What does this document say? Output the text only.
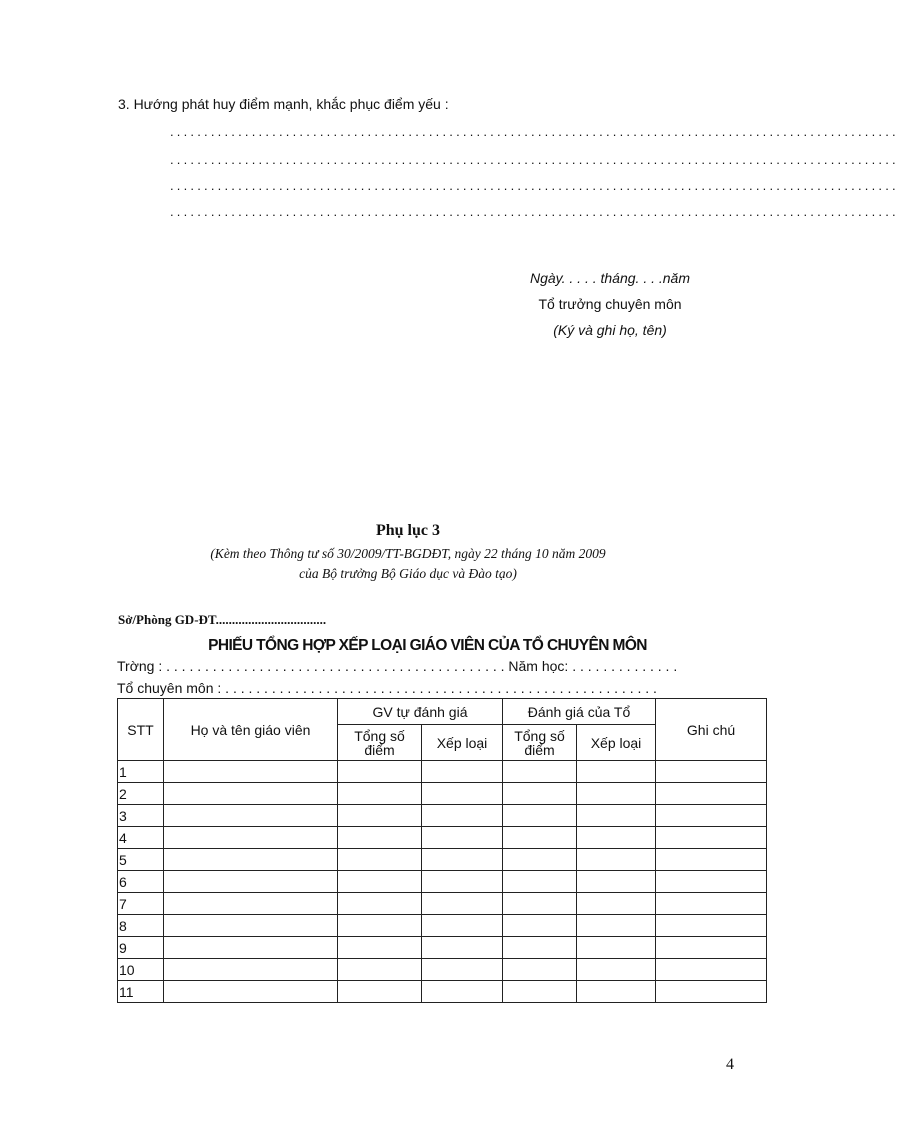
3. Hướng phát huy điểm mạnh, khắc phục điểm yếu :
...........................................................................................................
...........................................................................................................
...........................................................................................................
...........................................................................................................
Ngày. . . . . tháng. . . .năm
Tổ trưởng chuyên môn
(Ký và ghi họ, tên)
Phụ lục 3
(Kèm theo Thông tư số 30/2009/TT-BGDĐT, ngày 22 tháng 10 năm 2009
của Bộ trưởng Bộ Giáo dục và Đào tạo)
Sở/Phòng GD-ĐT..................................
PHIẾU TỔNG HỢP XẾP LOẠI GIÁO VIÊN CỦA TỔ CHUYÊN MÔN
Trờng : . . . . . . . . . . . . . . . . . . . . . . . . . . . . . . . . . . . . . . . . . . . . Năm học: . . . . . . . . . . . . . .
Tổ chuyên môn : . . . . . . . . . . . . . . . . . . . . . . . . . . . . . . . . . . . . . . . . . . . . . . . . . . . . . . . .
STT	Họ và tên giáo viên	GV tự đánh giá		Đánh giá của Tổ		Ghi chú
		Tổng số điểm	Xếp loại	Tổng số điểm	Xếp loại	
1						
2						
3						
4						
5						
6						
7						
8						
9						
10						
11						
4
